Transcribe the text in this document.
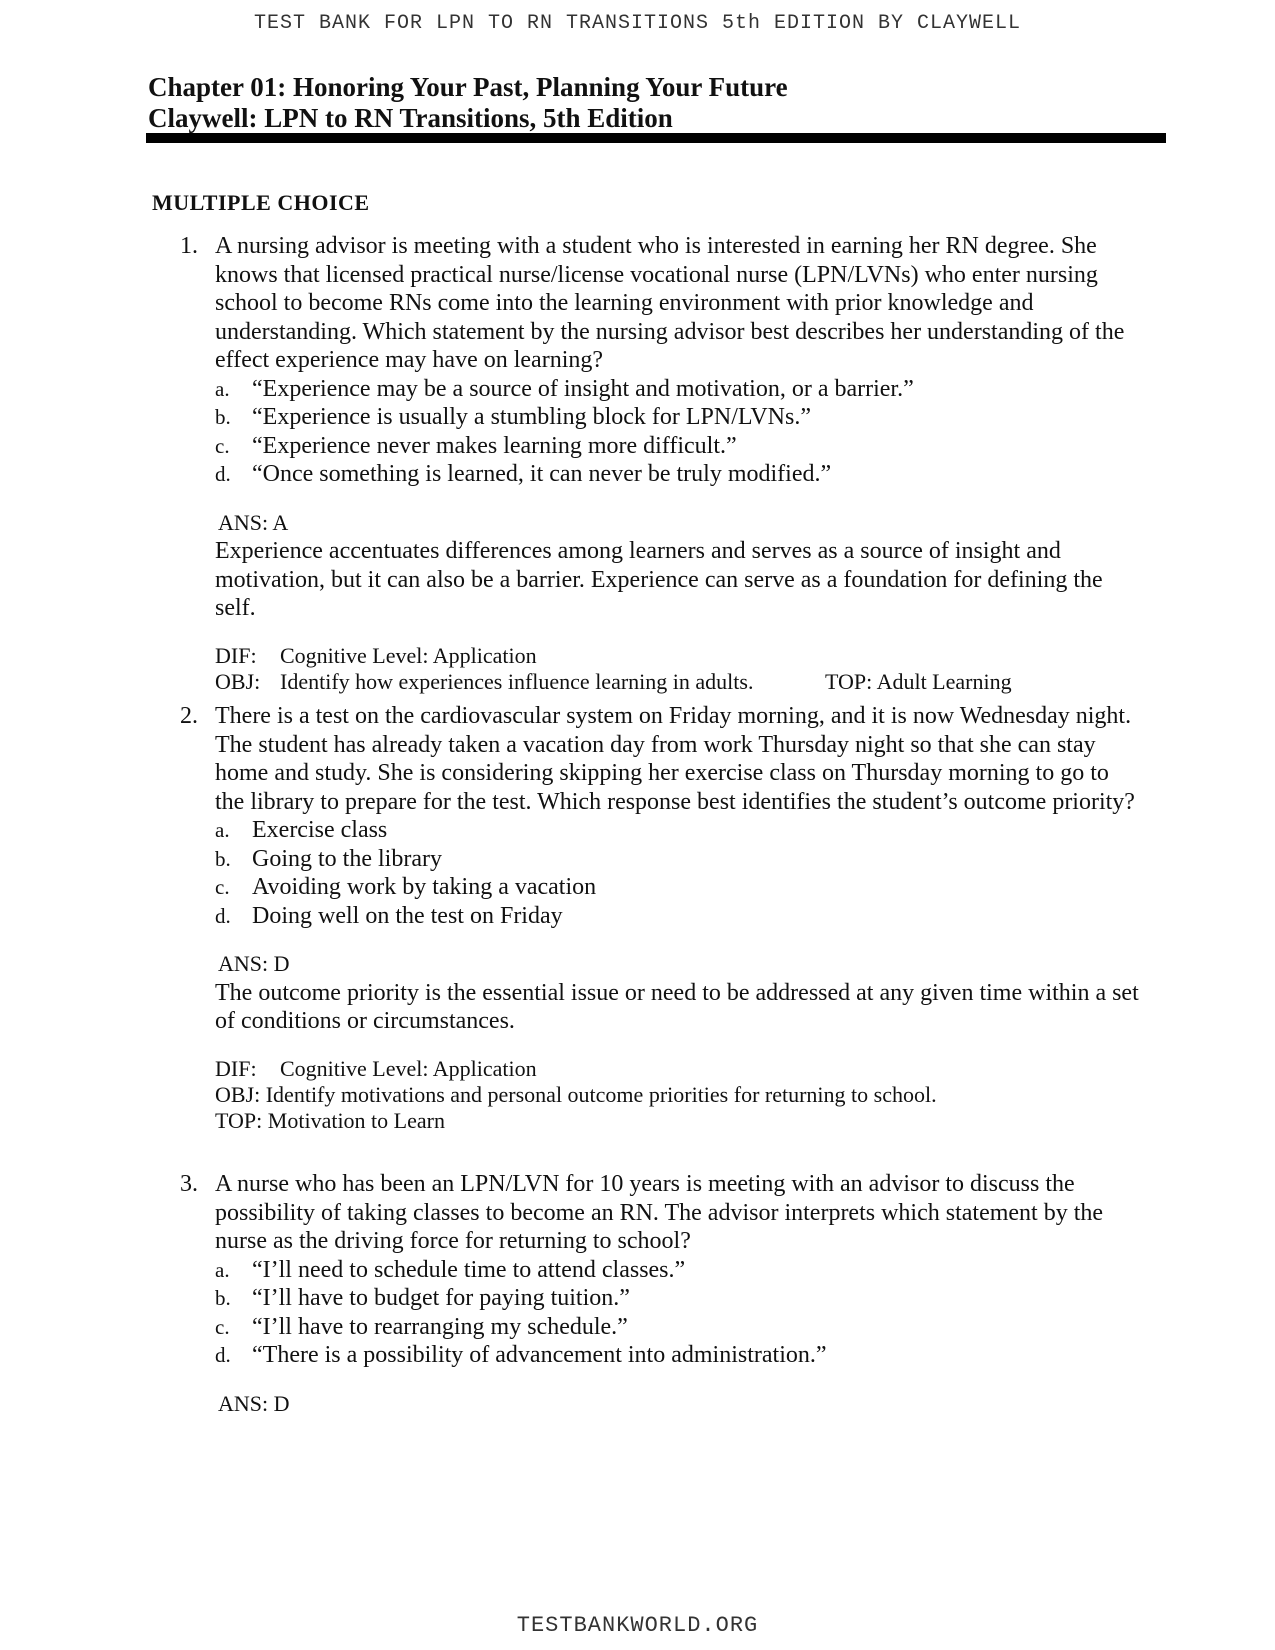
TEST BANK FOR LPN TO RN TRANSITIONS 5th EDITION BY CLAYWELL
Chapter 01: Honoring Your Past, Planning Your Future
Claywell: LPN to RN Transitions, 5th Edition
MULTIPLE CHOICE
1. A nursing advisor is meeting with a student who is interested in earning her RN degree. She knows that licensed practical nurse/license vocational nurse (LPN/LVNs) who enter nursing school to become RNs come into the learning environment with prior knowledge and understanding. Which statement by the nursing advisor best describes her understanding of the effect experience may have on learning?

a. “Experience may be a source of insight and motivation, or a barrier.”
b. “Experience is usually a stumbling block for LPN/LVNs.”
c. “Experience never makes learning more difficult.”
d. “Once something is learned, it can never be truly modified.”
ANS: A

Experience accentuates differences among learners and serves as a source of insight and motivation, but it can also be a barrier. Experience can serve as a foundation for defining the self.

DIF:	Cognitive Level: Application
OBJ: Identify how experiences influence learning in adults.	TOP: Adult Learning
2. There is a test on the cardiovascular system on Friday morning, and it is now Wednesday night. The student has already taken a vacation day from work Thursday night so that she can stay home and study. She is considering skipping her exercise class on Thursday morning to go to the library to prepare for the test. Which response best identifies the student’s outcome priority?

a. Exercise class
b. Going to the library
c. Avoiding work by taking a vacation
d. Doing well on the test on Friday
ANS: D

The outcome priority is the essential issue or need to be addressed at any given time within a set of conditions or circumstances.

DIF:	Cognitive Level: Application
OBJ: Identify motivations and personal outcome priorities for returning to school.
TOP: Motivation to Learn
3. A nurse who has been an LPN/LVN for 10 years is meeting with an advisor to discuss the possibility of taking classes to become an RN. The advisor interprets which statement by the nurse as the driving force for returning to school?

a. “I’ll need to schedule time to attend classes.”
b. “I’ll have to budget for paying tuition.”
c. “I’ll have to rearranging my schedule.”
d. “There is a possibility of advancement into administration.”
ANS: D
TESTBANKWORLD.ORG
